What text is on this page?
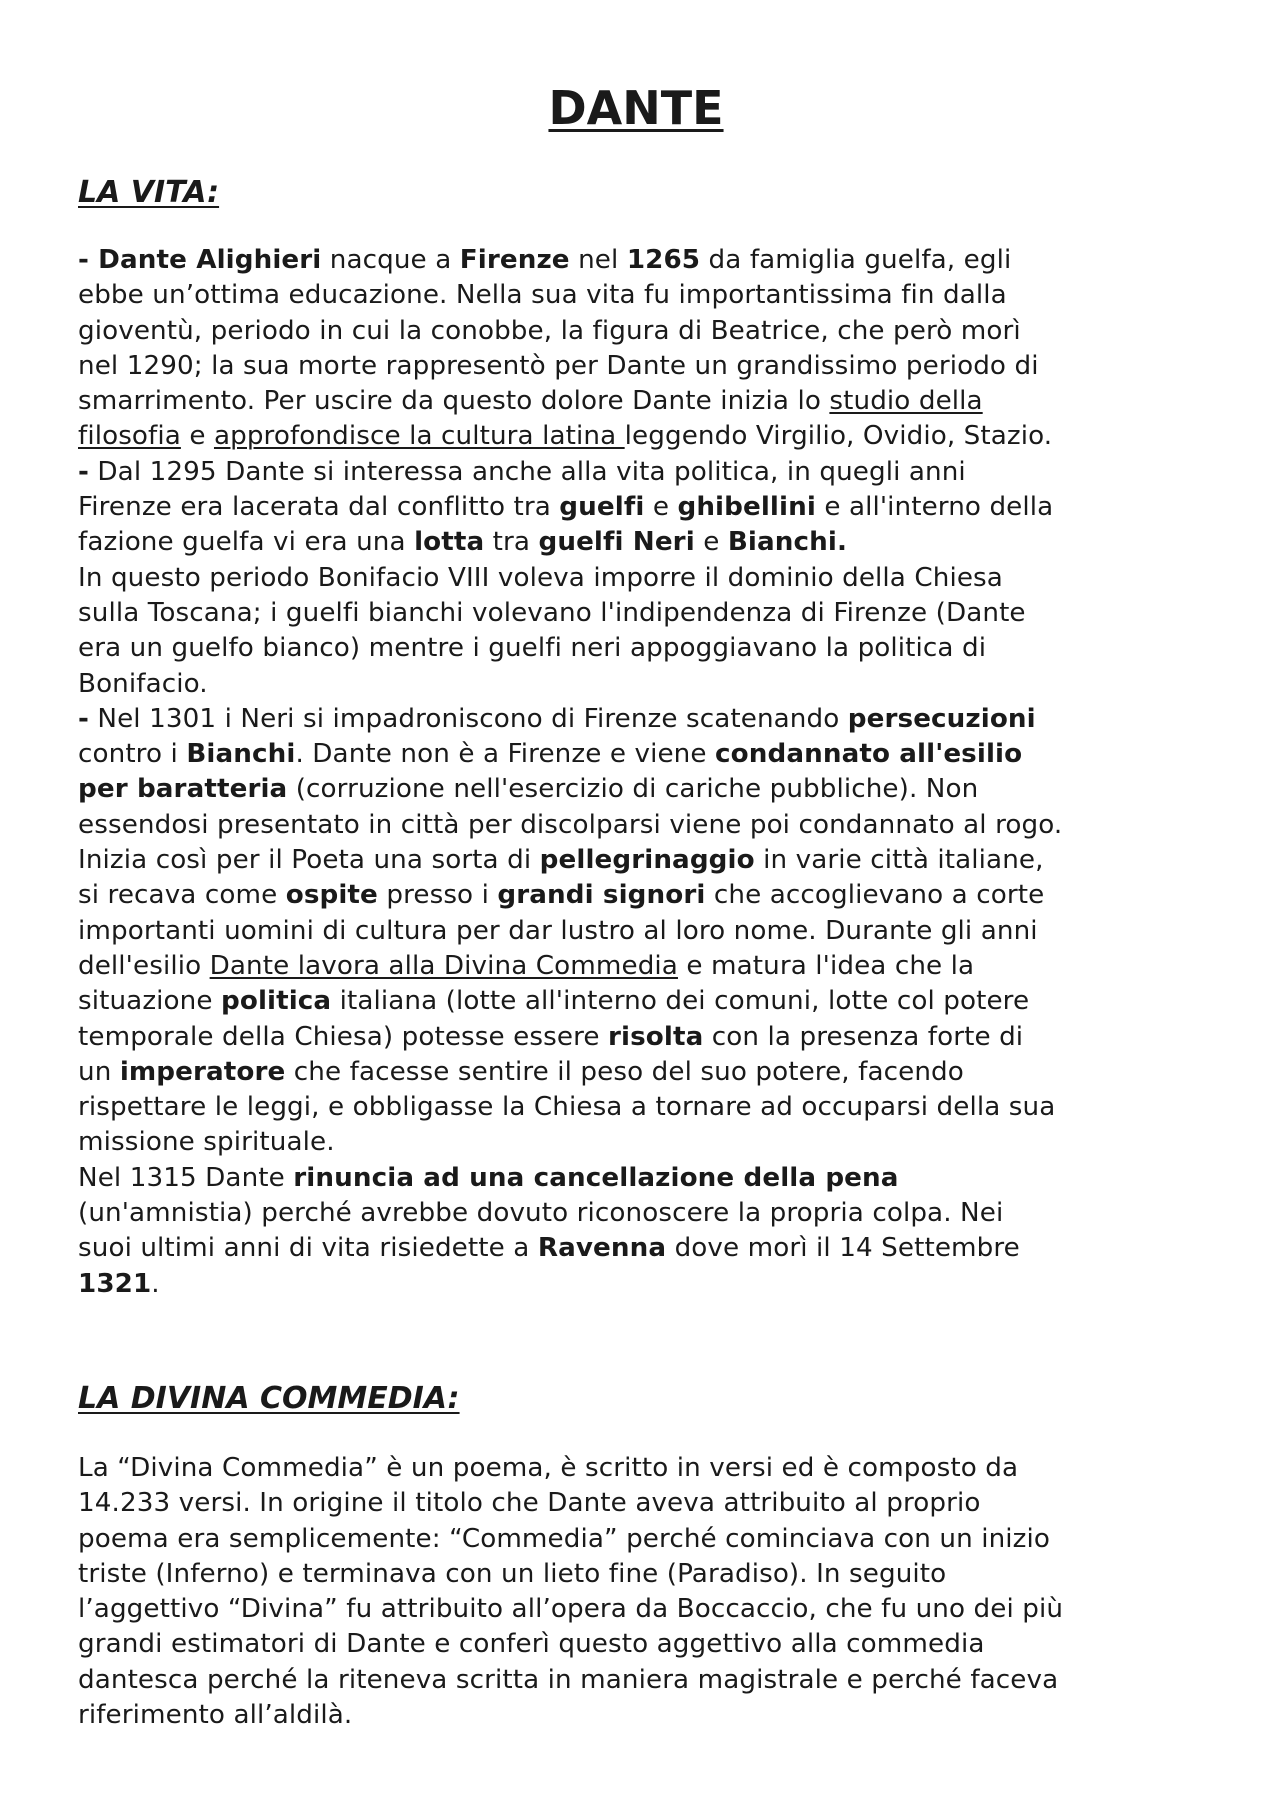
DANTE
LA VITA:
- Dante Alighieri nacque a Firenze nel 1265 da famiglia guelfa, egli
ebbe un’ottima educazione. Nella sua vita fu importantissima fin dalla
gioventù, periodo in cui la conobbe, la figura di Beatrice, che però morì
nel 1290; la sua morte rappresentò per Dante un grandissimo periodo di
smarrimento. Per uscire da questo dolore Dante inizia lo studio della
filosofia e approfondisce la cultura latina leggendo Virgilio, Ovidio, Stazio.
- Dal 1295 Dante si interessa anche alla vita politica, in quegli anni
Firenze era lacerata dal conflitto tra guelfi e ghibellini e all'interno della
fazione guelfa vi era una lotta tra guelfi Neri e Bianchi.
In questo periodo Bonifacio VIII voleva imporre il dominio della Chiesa
sulla Toscana; i guelfi bianchi volevano l'indipendenza di Firenze (Dante
era un guelfo bianco) mentre i guelfi neri appoggiavano la politica di
Bonifacio.
- Nel 1301 i Neri si impadroniscono di Firenze scatenando persecuzioni
contro i Bianchi. Dante non è a Firenze e viene condannato all'esilio
per baratteria (corruzione nell'esercizio di cariche pubbliche). Non
essendosi presentato in città per discolparsi viene poi condannato al rogo.
Inizia così per il Poeta una sorta di pellegrinaggio in varie città italiane,
si recava come ospite presso i grandi signori che accoglievano a corte
importanti uomini di cultura per dar lustro al loro nome. Durante gli anni
dell'esilio Dante lavora alla Divina Commedia e matura l'idea che la
situazione politica italiana (lotte all'interno dei comuni, lotte col potere
temporale della Chiesa) potesse essere risolta con la presenza forte di
un imperatore che facesse sentire il peso del suo potere, facendo
rispettare le leggi, e obbligasse la Chiesa a tornare ad occuparsi della sua
missione spirituale.
Nel 1315 Dante rinuncia ad una cancellazione della pena
(un'amnistia) perché avrebbe dovuto riconoscere la propria colpa. Nei
suoi ultimi anni di vita risiedette a Ravenna dove morì il 14 Settembre
1321.
LA DIVINA COMMEDIA:
La “Divina Commedia” è un poema, è scritto in versi ed è composto da
14.233 versi. In origine il titolo che Dante aveva attribuito al proprio
poema era semplicemente: “Commedia” perché cominciava con un inizio
triste (Inferno) e terminava con un lieto fine (Paradiso). In seguito
l’aggettivo “Divina” fu attribuito all’opera da Boccaccio, che fu uno dei più
grandi estimatori di Dante e conferì questo aggettivo alla commedia
dantesca perché la riteneva scritta in maniera magistrale e perché faceva
riferimento all’aldilà.
